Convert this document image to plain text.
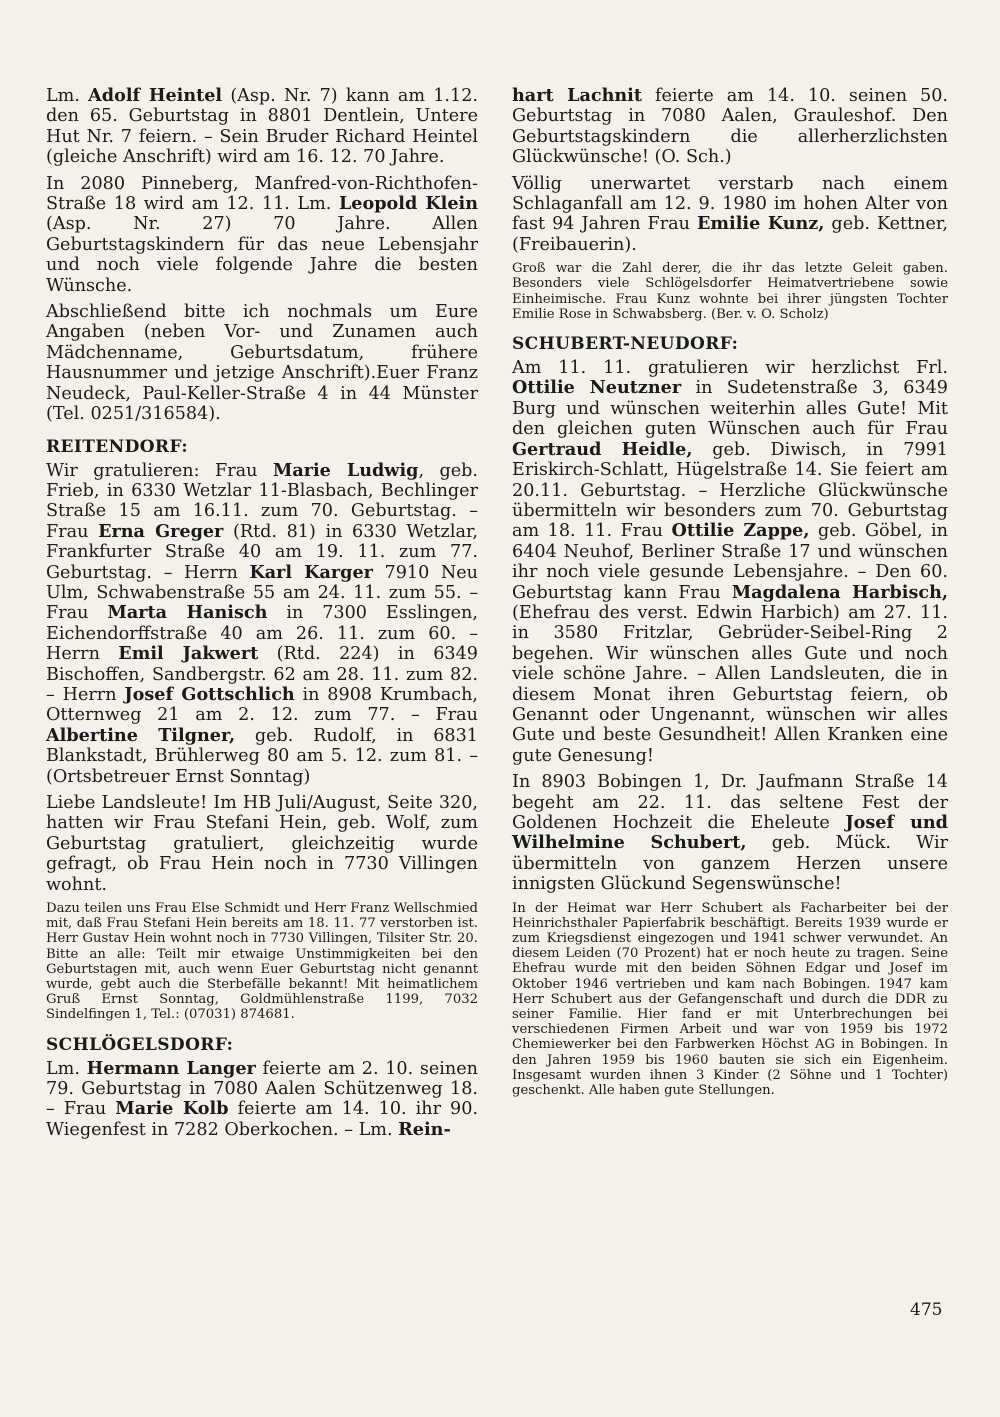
Lm. Adolf Heintel (Asp. Nr. 7) kann am 1.12. den 65. Geburtstag in 8801 Dentlein, Untere Hut Nr. 7 feiern. – Sein Bruder Richard Heintel (gleiche Anschrift) wird am 16. 12. 70 Jahre.

In 2080 Pinneberg, Manfred-von-Richthofen-Straße 18 wird am 12. 11. Lm. Leopold Klein (Asp. Nr. 27) 70 Jahre. Allen Geburtstagskindern für das neue Lebensjahr und noch viele folgende Jahre die besten Wünsche.

Abschließend bitte ich nochmals um Eure Angaben (neben Vor- und Zunamen auch Mädchenname, Geburtsdatum, frühere Hausnummer und jetzige Anschrift).Euer Franz Neudeck, Paul-Keller-Straße 4 in 44 Münster (Tel. 0251/316584).

REITENDORF:

Wir gratulieren: Frau Marie Ludwig, geb. Frieb, in 6330 Wetzlar 11-Blasbach, Bechlinger Straße 15 am 16.11. zum 70. Geburtstag. – Frau Erna Greger (Rtd. 81) in 6330 Wetzlar, Frankfurter Straße 40 am 19. 11. zum 77. Geburtstag. – Herrn Karl Karger 7910 Neu Ulm, Schwabenstraße 55 am 24. 11. zum 55. – Frau Marta Hanisch in 7300 Esslingen, Eichendorffstraße 40 am 26. 11. zum 60. – Herrn Emil Jakwert (Rtd. 224) in 6349 Bischoffen, Sandbergstr. 62 am 28. 11. zum 82. – Herrn Josef Gottschlich in 8908 Krumbach, Otternweg 21 am 2. 12. zum 77. – Frau Albertine Tilgner, geb. Rudolf, in 6831 Blankstadt, Brühlerweg 80 am 5. 12. zum 81. – (Ortsbetreuer Ernst Sonntag)

Liebe Landsleute! Im HB Juli/August, Seite 320, hatten wir Frau Stefani Hein, geb. Wolf, zum Geburtstag gratuliert, gleichzeitig wurde gefragt, ob Frau Hein noch in 7730 Villingen wohnt.

Dazu teilen uns Frau Else Schmidt und Herr Franz Wellschmied mit, daß Frau Stefani Hein bereits am 18. 11. 77 verstorben ist. Herr Gustav Hein wohnt noch in 7730 Villingen, Tilsiter Str. 20. Bitte an alle: Teilt mir etwaige Unstimmigkeiten bei den Geburtstagen mit, auch wenn Euer Geburtstag nicht genannt wurde, gebt auch die Sterbefälle bekannt! Mit heimatlichem Gruß Ernst Sonntag, Goldmühlenstraße 1199, 7032 Sindelfingen 1, Tel.: (07031) 874681.

SCHLÖGELSDORF:

Lm. Hermann Langer feierte am 2. 10. seinen 79. Geburtstag in 7080 Aalen Schützenweg 18. – Frau Marie Kolb feierte am 14. 10. ihr 90. Wiegenfest in 7282 Oberkochen. – Lm. Rein-

hart Lachnit feierte am 14. 10. seinen 50. Geburtstag in 7080 Aalen, Grauleshof. Den Geburtstagskindern die allerherzlichsten Glückwünsche! (O. Sch.)

Völlig unerwartet verstarb nach einem Schlaganfall am 12. 9. 1980 im hohen Alter von fast 94 Jahren Frau Emilie Kunz, geb. Kettner, (Freibauerin).

Groß war die Zahl derer, die ihr das letzte Geleit gaben. Besonders viele Schlögelsdorfer Heimatvertriebene sowie Einheimische. Frau Kunz wohnte bei ihrer jüngsten Tochter Emilie Rose in Schwabsberg. (Ber. v. O. Scholz)

SCHUBERT-NEUDORF:

Am 11. 11. gratulieren wir herzlichst Frl. Ottilie Neutzner in Sudetenstraße 3, 6349 Burg und wünschen weiterhin alles Gute! Mit den gleichen guten Wünschen auch für Frau Gertraud Heidle, geb. Diwisch, in 7991 Eriskirch-Schlatt, Hügelstraße 14. Sie feiert am 20.11. Geburtstag. – Herzliche Glückwünsche übermitteln wir besonders zum 70. Geburtstag am 18. 11. Frau Ottilie Zappe, geb. Göbel, in 6404 Neuhof, Berliner Straße 17 und wünschen ihr noch viele gesunde Lebensjahre. – Den 60. Geburtstag kann Frau Magdalena Harbisch, (Ehefrau des verst. Edwin Harbich) am 27. 11. in 3580 Fritzlar, Gebrüder-Seibel-Ring 2 begehen. Wir wünschen alles Gute und noch viele schöne Jahre. – Allen Landsleuten, die in diesem Monat ihren Geburtstag feiern, ob Genannt oder Ungenannt, wünschen wir alles Gute und beste Gesundheit! Allen Kranken eine gute Genesung!

In 8903 Bobingen 1, Dr. Jaufmann Straße 14 begeht am 22. 11. das seltene Fest der Goldenen Hochzeit die Eheleute Josef und Wilhelmine Schubert, geb. Mück. Wir übermitteln von ganzem Herzen unsere innigsten Glückund Segenswünsche!

In der Heimat war Herr Schubert als Facharbeiter bei der Heinrichsthaler Papierfabrik beschäftigt. Bereits 1939 wurde er zum Kriegsdienst eingezogen und 1941 schwer verwundet. An diesem Leiden (70 Prozent) hat er noch heute zu tragen. Seine Ehefrau wurde mit den beiden Söhnen Edgar und Josef im Oktober 1946 vertrieben und kam nach Bobingen. 1947 kam Herr Schubert aus der Gefangenschaft und durch die DDR zu seiner Familie. Hier fand er mit Unterbrechungen bei verschiedenen Firmen Arbeit und war von 1959 bis 1972 Chemiewerker bei den Farbwerken Höchst AG in Bobingen. In den Jahren 1959 bis 1960 bauten sie sich ein Eigenheim. Insgesamt wurden ihnen 3 Kinder (2 Söhne und 1 Tochter) geschenkt. Alle haben gute Stellungen.

475
